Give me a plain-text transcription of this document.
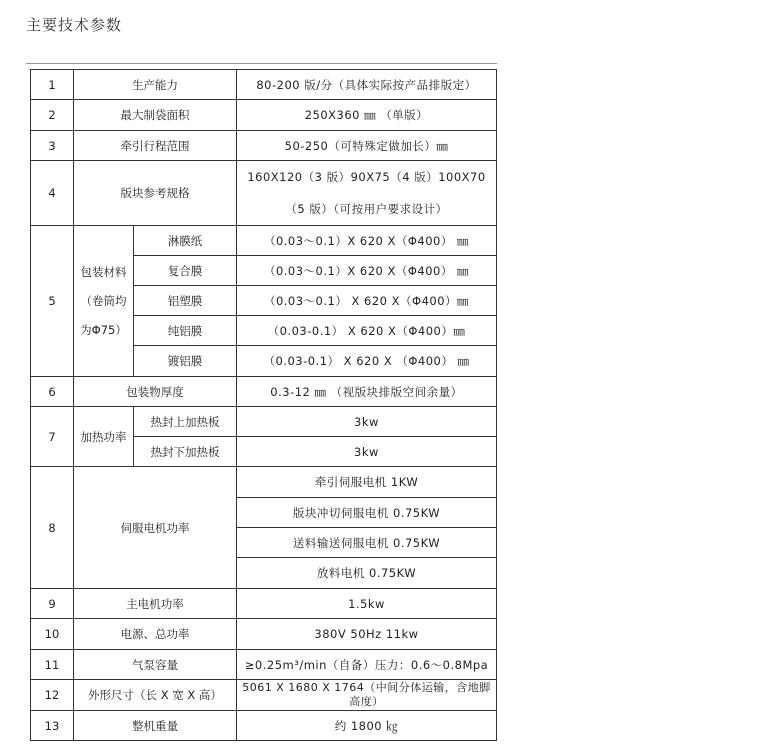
主要技术参数
1	生产能力		80-200 版/分（具体实际按产品排版定）
2	最大制袋面积		250X360 ㎜ （单版）
3	牵引行程范围		50-250（可特殊定做加长）㎜
4	版块参考规格		160X120（3 版）90X75（4 版）100X70（5 版）（可按用户要求设计）
5	包装材料（卷筒均为Φ75）	淋膜纸	（0.03～0.1）X 620 X（Φ400） ㎜
		复合膜	（0.03～0.1）X 620 X（Φ400） ㎜
		铝塑膜	（0.03～0.1） X 620 X（Φ400）㎜
		纯铝膜	（0.03-0.1） X 620 X（Φ400）㎜
		镀铝膜	（0.03-0.1） X 620 X （Φ400） ㎜
6	包装物厚度		0.3-12 ㎜ （视版块排版空间余量）
7	加热功率	热封上加热板	3kw
		热封下加热板	3kw
8	伺服电机功率		牵引伺服电机 1KW
			版块冲切伺服电机 0.75KW
			送料输送伺服电机 0.75KW
			放料电机 0.75KW
9	主电机功率		1.5kw
10	电源、总功率		380V 50Hz 11kw
11	气泵容量		≥0.25m³/min（自备）压力：0.6～0.8Mpa
12	外形尺寸（长 X 宽 X 高）		5061 X 1680 X 1764（中间分体运输，含地脚高度）
13	整机重量		约 1800 ㎏
